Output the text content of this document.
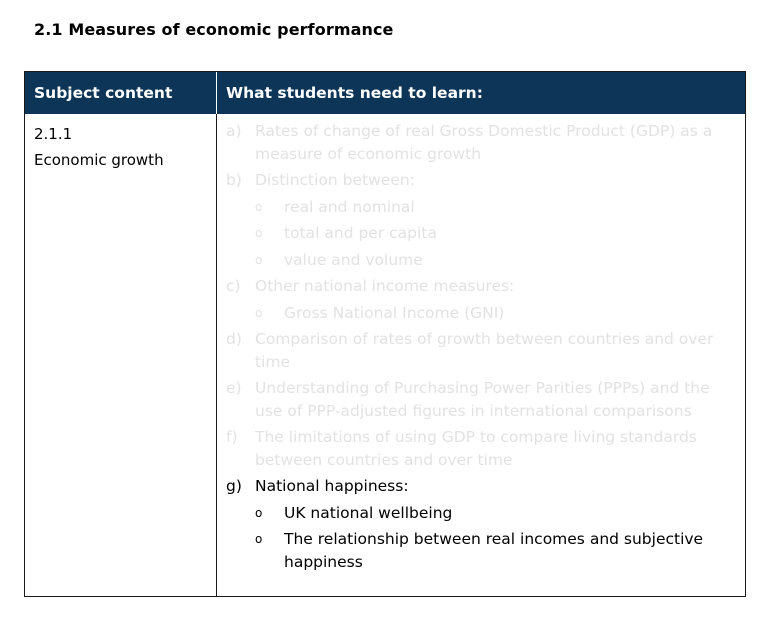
2.1 Measures of economic performance
Subject content	What students need to learn:
2.1.1
Economic growth
a) Rates of change of real Gross Domestic Product (GDP) as a measure of economic growth
b) Distinction between:
o real and nominal
o total and per capita
o value and volume
c) Other national income measures:
o Gross National Income (GNI)
d) Comparison of rates of growth between countries and over time
e) Understanding of Purchasing Power Parities (PPPs) and the use of PPP-adjusted figures in international comparisons
f) The limitations of using GDP to compare living standards between countries and over time
g) National happiness:
o UK national wellbeing
o The relationship between real incomes and subjective happiness
